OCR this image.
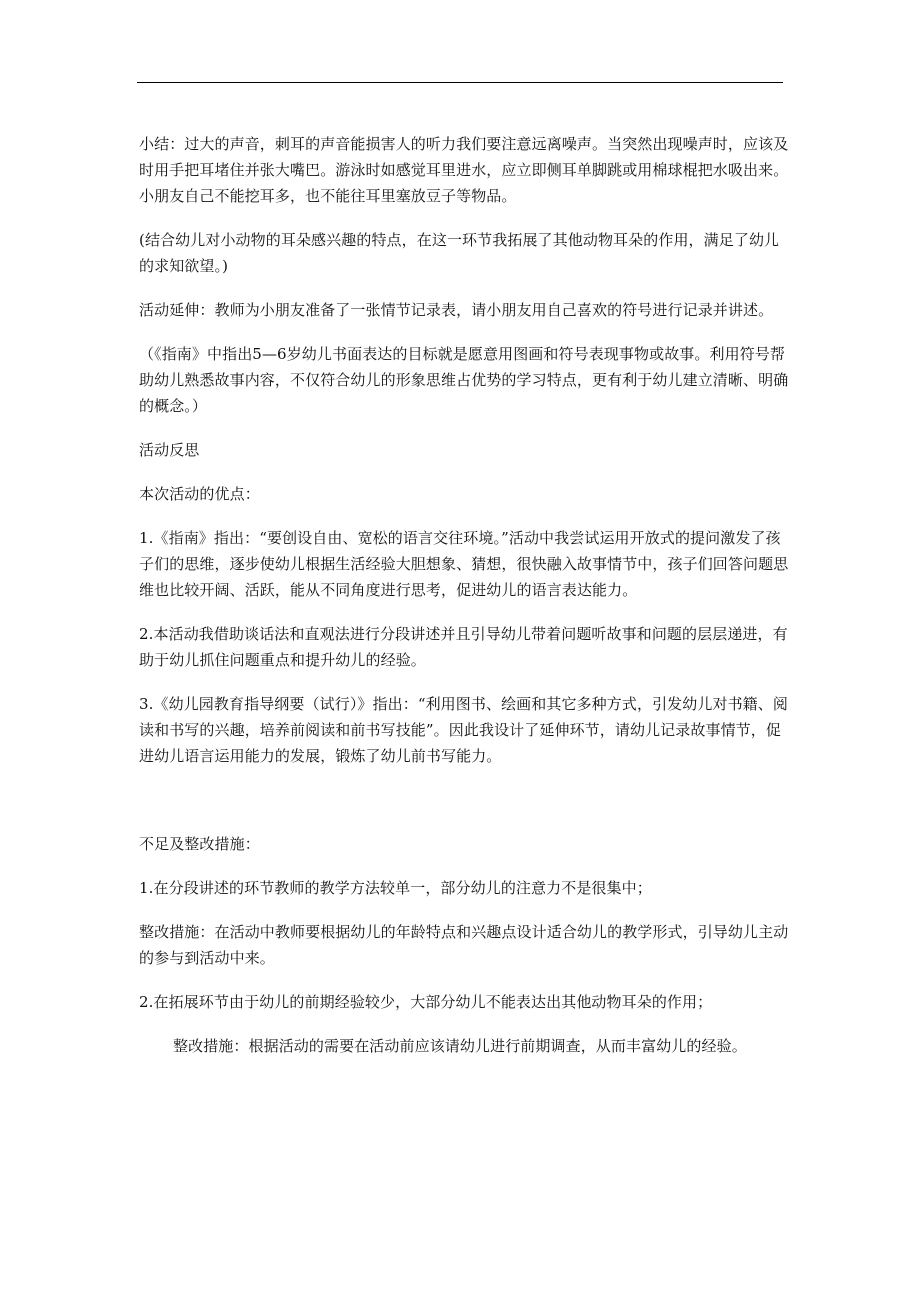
小结：过大的声音，刺耳的声音能损害人的听力我们要注意远离噪声。当突然出现噪声时，应该及时用手把耳堵住并张大嘴巴。游泳时如感觉耳里进水，应立即侧耳单脚跳或用棉球棍把水吸出来。小朋友自己不能挖耳多，也不能往耳里塞放豆子等物品。

(结合幼儿对小动物的耳朵感兴趣的特点，在这一环节我拓展了其他动物耳朵的作用，满足了幼儿的求知欲望。)

活动延伸：教师为小朋友准备了一张情节记录表，请小朋友用自己喜欢的符号进行记录并讲述。

（《指南》中指出5—6岁幼儿书面表达的目标就是愿意用图画和符号表现事物或故事。利用符号帮助幼儿熟悉故事内容，不仅符合幼儿的形象思维占优势的学习特点，更有利于幼儿建立清晰、明确的概念。）

活动反思

本次活动的优点：

1.《指南》指出：“要创设自由、宽松的语言交往环境。”活动中我尝试运用开放式的提问激发了孩子们的思维，逐步使幼儿根据生活经验大胆想象、猜想，很快融入故事情节中，孩子们回答问题思维也比较开阔、活跃，能从不同角度进行思考，促进幼儿的语言表达能力。

2.本活动我借助谈话法和直观法进行分段讲述并且引导幼儿带着问题听故事和问题的层层递进，有助于幼儿抓住问题重点和提升幼儿的经验。

3.《幼儿园教育指导纲要（试行）》指出：“利用图书、绘画和其它多种方式，引发幼儿对书籍、阅读和书写的兴趣，培养前阅读和前书写技能”。因此我设计了延伸环节，请幼儿记录故事情节，促进幼儿语言运用能力的发展，锻炼了幼儿前书写能力。

不足及整改措施：

1.在分段讲述的环节教师的教学方法较单一，部分幼儿的注意力不是很集中；

整改措施：在活动中教师要根据幼儿的年龄特点和兴趣点设计适合幼儿的教学形式，引导幼儿主动的参与到活动中来。

2.在拓展环节由于幼儿的前期经验较少，大部分幼儿不能表达出其他动物耳朵的作用；

整改措施：根据活动的需要在活动前应该请幼儿进行前期调查，从而丰富幼儿的经验。
